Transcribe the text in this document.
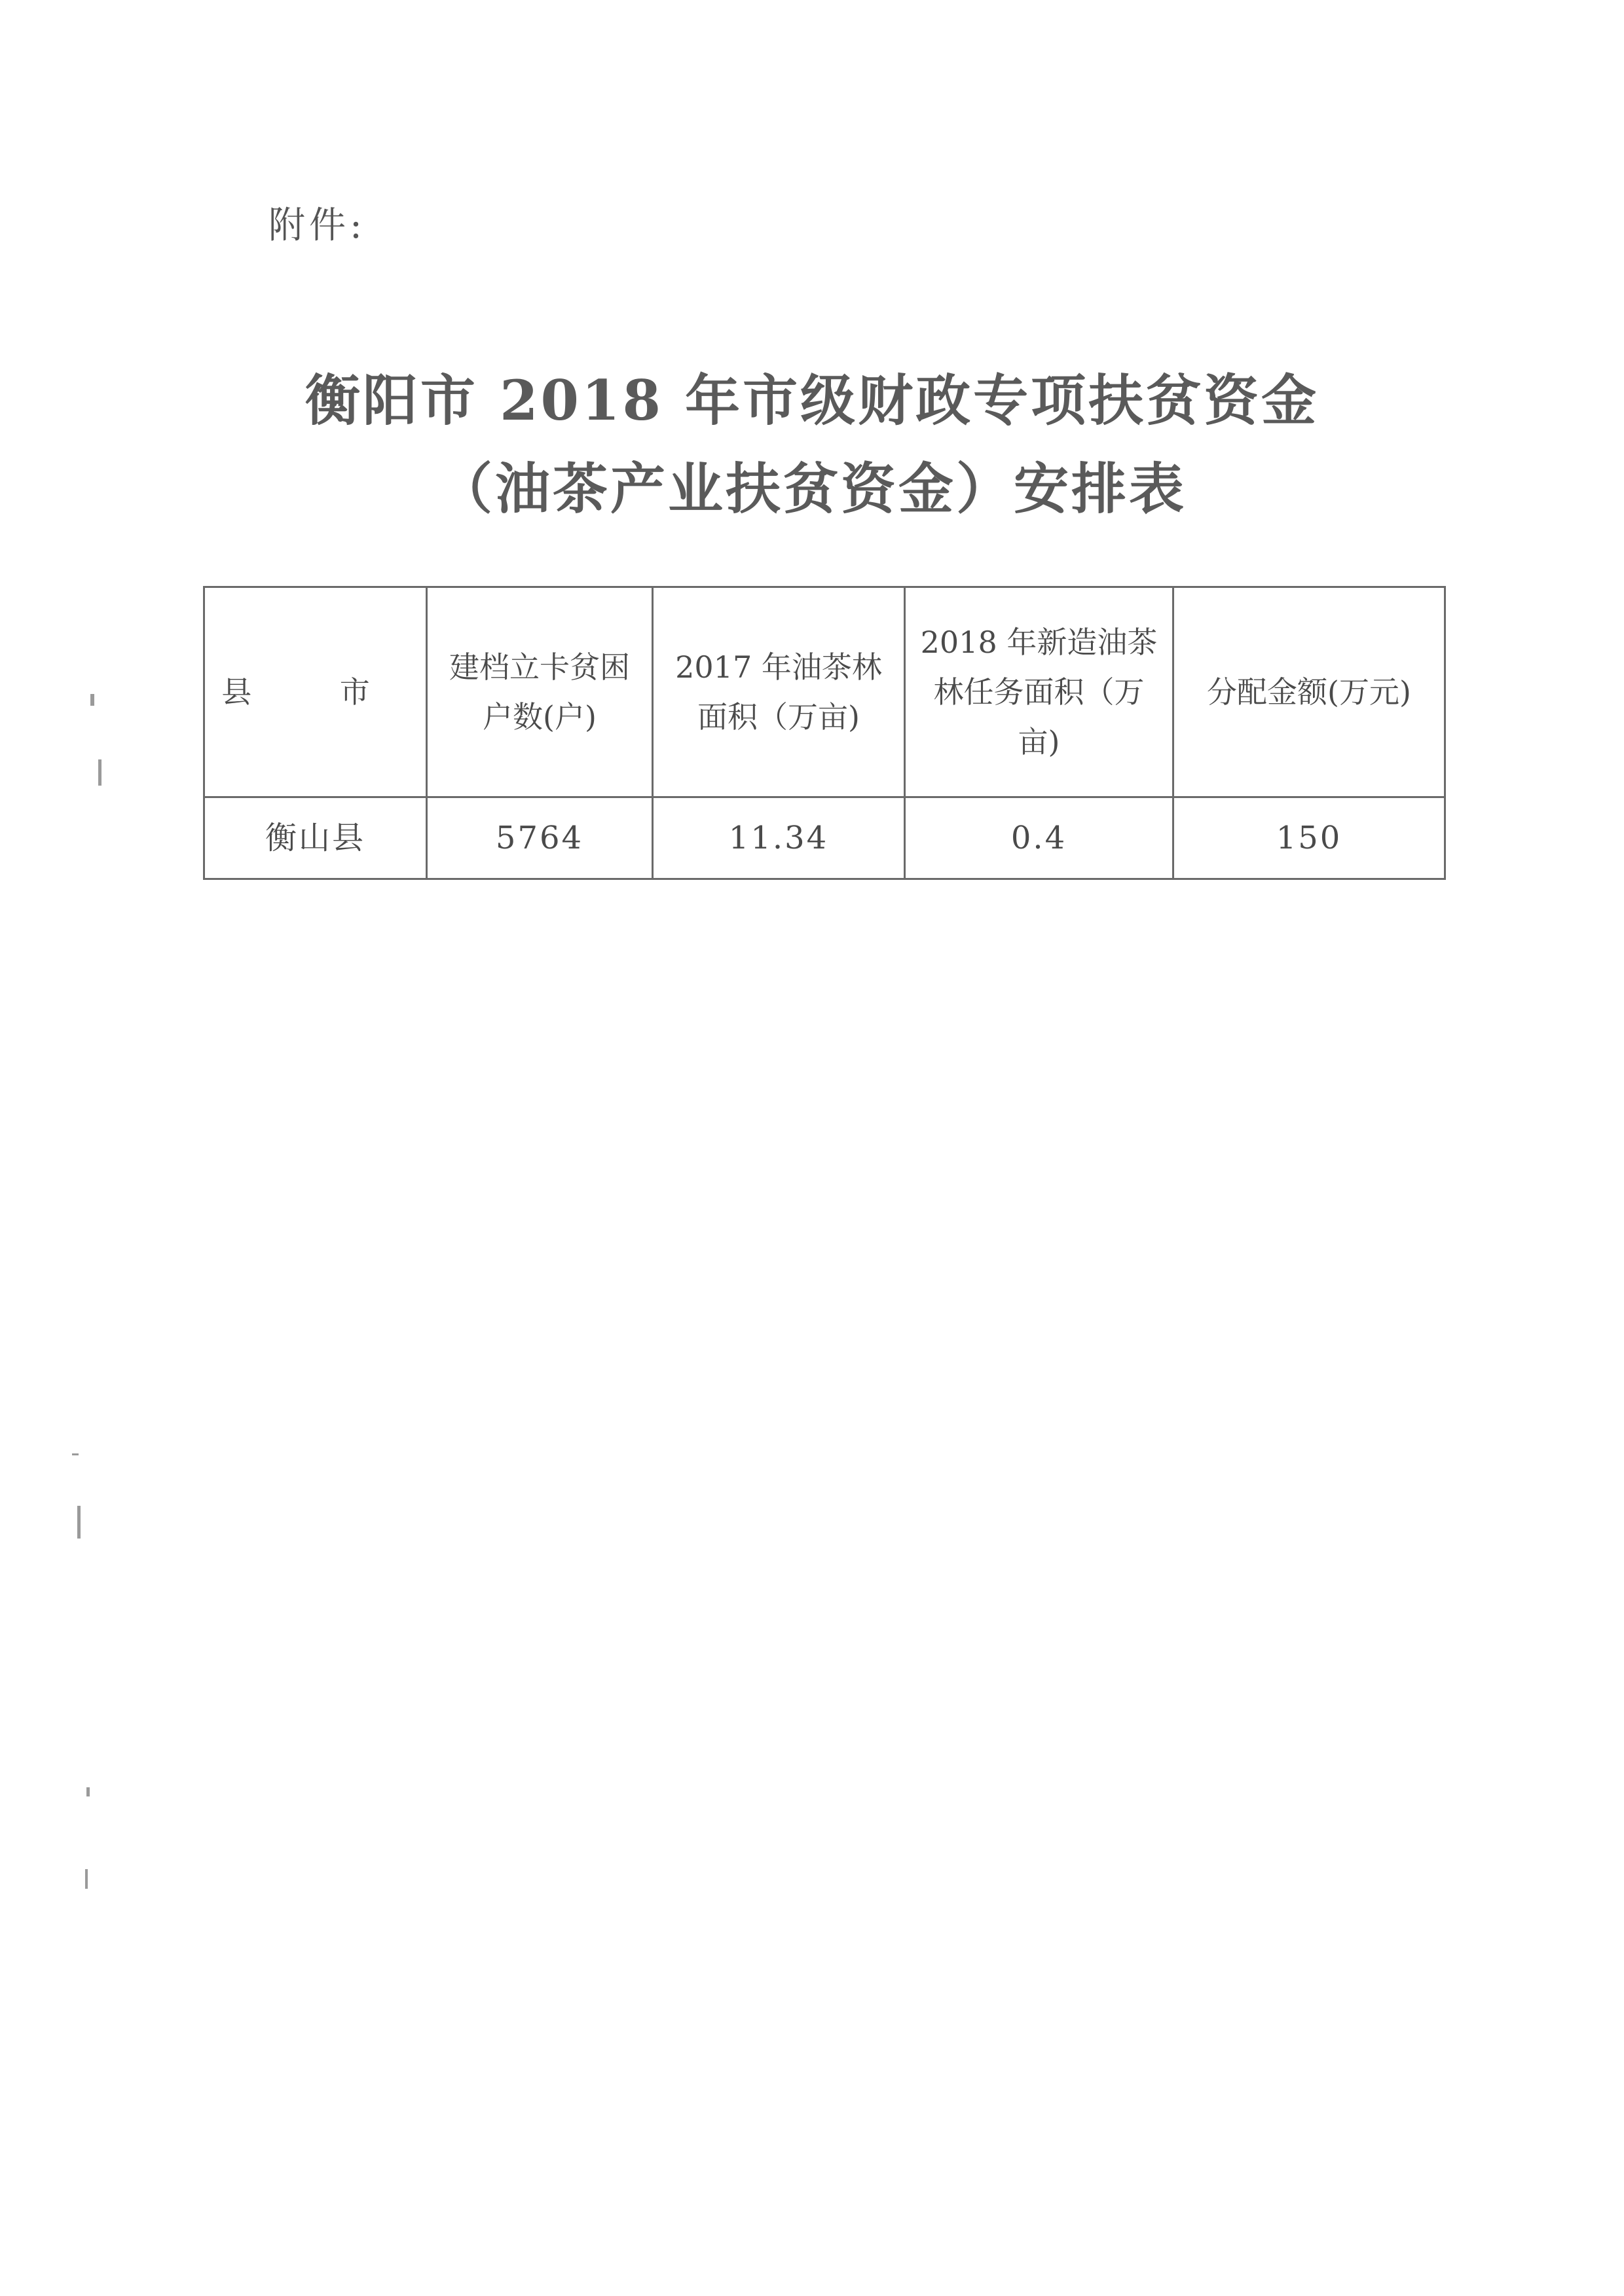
附件:
衡阳市 2018 年市级财政专项扶贫资金
（油茶产业扶贫资金）安排表
县 市	建档立卡贫困户数(户)	2017 年油茶林面积（万亩)	2018 年新造油茶林任务面积（万亩)	分配金额(万元)
衡山县	5764	11.34	0.4	150
